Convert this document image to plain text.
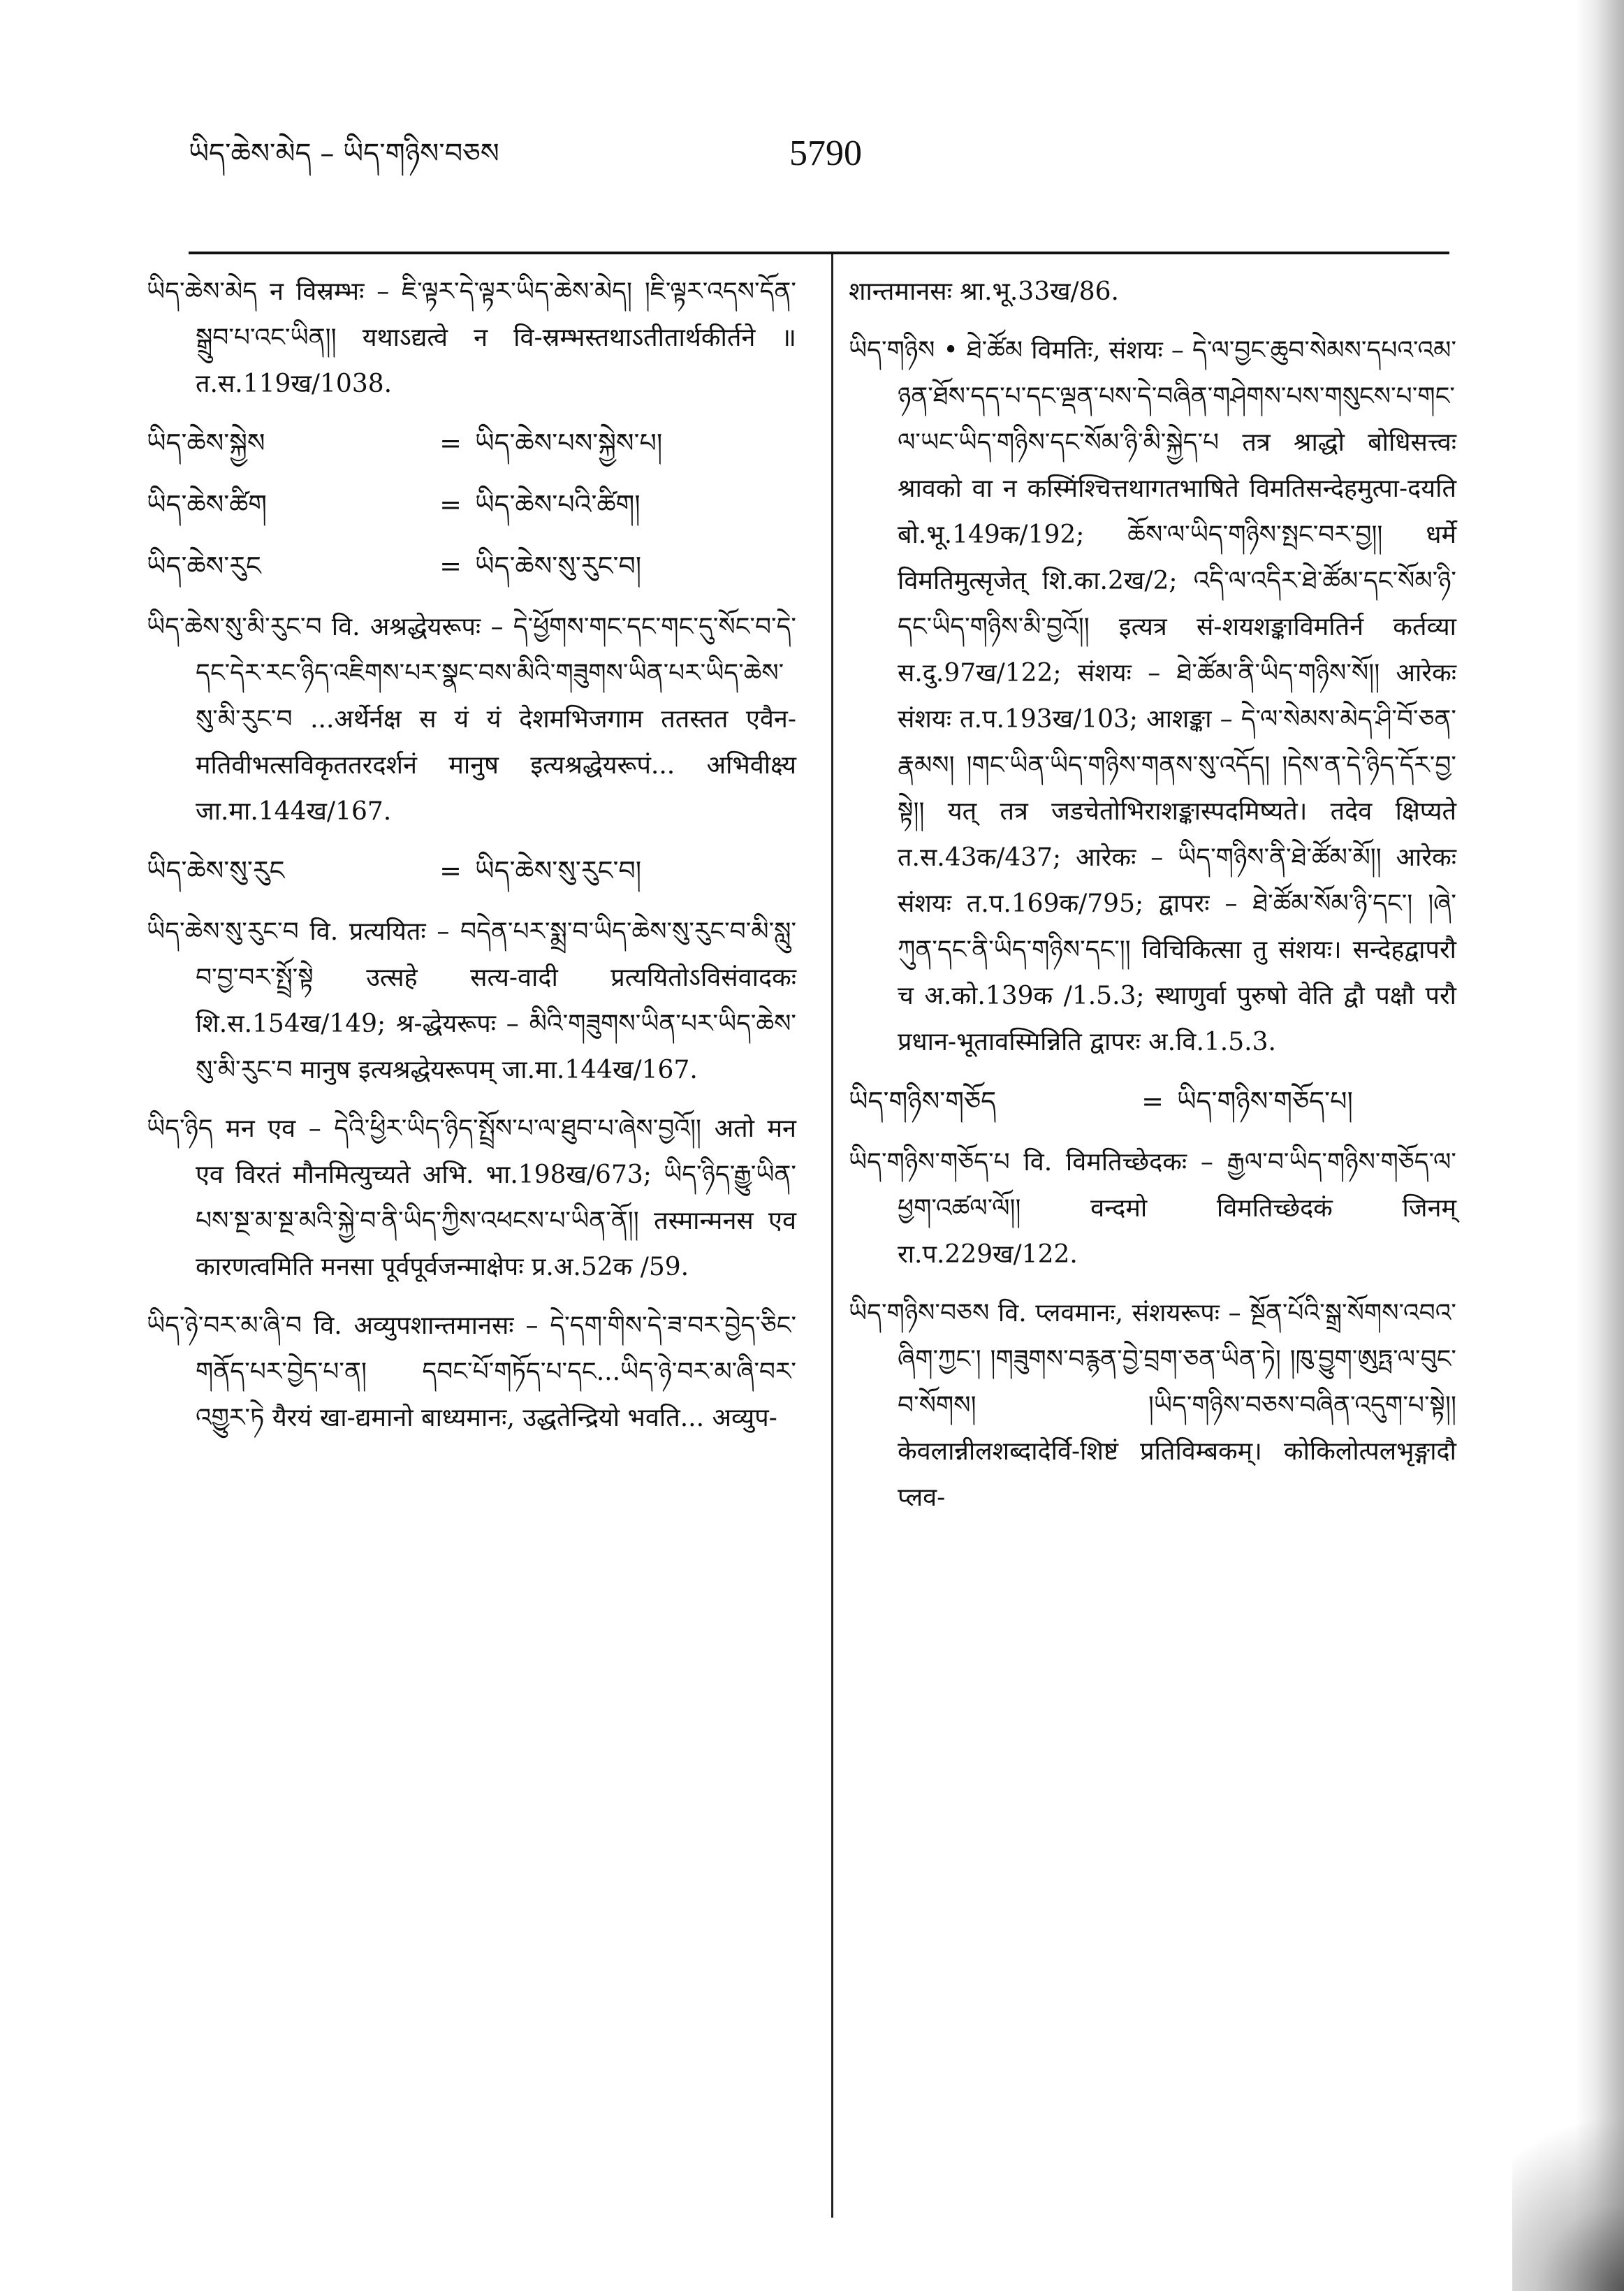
ཡིད་ཆེས་མེད – ཡིད་གཉིས་བཅས	5790

ཡིད་ཆེས་མེད न विस्रम्भः – ཇི་ལྟར་དེ་ལྟར་ཡིད་ཆེས་མེད། །ཇི་ལྟར་འདས་དོན་སྒྲུབ་པ་འང་ཡིན།། यथाऽद्यत्वे न वि-स्रम्भस्तथाऽतीतार्थकीर्तने ॥ त.स.119ख/1038.

ཡིད་ཆེས་སྐྱེས	= ཡིད་ཆེས་པས་སྐྱེས་པ།
ཡིད་ཆེས་ཚིག	= ཡིད་ཆེས་པའི་ཚིག།
ཡིད་ཆེས་རུང	= ཡིད་ཆེས་སུ་རུང་བ།

ཡིད་ཆེས་སུ་མི་རུང་བ वि. अश्रद्धेयरूपः – དེ་ཕྱོགས་གང་དང་གང་དུ་སོང་བ་དེ་དང་དེར་རང་ཉིད་འཇིགས་པར་སྣང་བས་མིའི་གཟུགས་ཡིན་པར་ཡིད་ཆེས་སུ་མི་རུང་བ ...अर्थेर्नक्ष स यं यं देशमभिजगाम ततस्तत एवैन-मतिवीभत्सविकृततरदर्शनं मानुष इत्यश्रद्धेयरूपं... अभिवीक्ष्य जा.मा.144ख/167.

ཡིད་ཆེས་སུ་རུང	= ཡིད་ཆེས་སུ་རུང་བ།

ཡིད་ཆེས་སུ་རུང་བ वि. प्रत्ययितः – བདེན་པར་སྨྲ་བ་ཡིད་ཆེས་སུ་རུང་བ་མི་སླུ་བ་བྱ་བར་སྤྲོ་སྟེ उत्सहे सत्य-वादी प्रत्ययितोऽविसंवादकः शि.स.154ख/149; श्र-द्धेयरूपः – མིའི་གཟུགས་ཡིན་པར་ཡིད་ཆེས་སུ་མི་རུང་བ मानुष इत्यश्रद्धेयरूपम् जा.मा.144ख/167.

ཡིད་ཉིད मन एव – དེའི་ཕྱིར་ཡིད་ཉིད་སྤྲོས་པ་ལ་ཐུབ་པ་ཞེས་བྱའོ།། अतो मन एव विरतं मौनमित्युच्यते अभि. भा.198ख/673; ཡིད་ཉིད་རྒྱུ་ཡིན་པས་སྔ་མ་སྔ་མའི་སྐྱེ་བ་ནི་ཡིད་ཀྱིས་འཕངས་པ་ཡིན་ནོ།། तस्मान्मनस एव कारणत्वमिति मनसा पूर्वपूर्वजन्माक्षेपः प्र.अ.52क /59.

ཡིད་ཉེ་བར་མ་ཞི་བ वि. अव्युपशान्तमानसः – དེ་དག་གིས་དེ་ཟ་བར་བྱེད་ཅིང་གནོད་པར་བྱེད་པ་ན། དབང་པོ་གཏོད་པ་དང...ཡིད་ཉེ་བར་མ་ཞི་བར་འགྱུར་ཏེ यैरयं खा-द्यमानो बाध्यमानः, उद्धतेन्द्रियो भवति... अव्युप-

शान्तमानसः श्रा.भू.33ख/86.

ཡིད་གཉིས • ཐེ་ཚོམ विमतिः, संशयः – དེ་ལ་བྱང་ཆུབ་སེམས་དཔའ་འམ་ཉན་ཐོས་དད་པ་དང་ལྡན་པས་དེ་བཞིན་གཤེགས་པས་གསུངས་པ་གང་ལ་ཡང་ཡིད་གཉིས་དང་སོམ་ཉི་མི་སྐྱེད་པ तत्र श्राद्धो बोधिसत्त्वः श्रावको वा न कस्मिंश्चित्तथागतभाषिते विमतिसन्देहमुत्पा-दयति बो.भू.149क/192; ཆོས་ལ་ཡིད་གཉིས་སྤང་བར་བྱ།། धर्मे विमतिमुत्सृजेत् शि.का.2ख/2; འདི་ལ་འདིར་ཐེ་ཚོམ་དང་སོམ་ཉི་དང་ཡིད་གཉིས་མི་བྱའོ།། इत्यत्र सं-शयशङ्काविमतिर्न कर्तव्या स.दु.97ख/122; संशयः – ཐེ་ཚོམ་ནི་ཡིད་གཉིས་སོ།། आरेकः संशयः त.प.193ख/103; आशङ्का – དེ་ལ་སེམས་མེད་ཤི་བོ་ཅན་རྣམས། །གང་ཡིན་ཡིད་གཉིས་གནས་སུ་འདོད། །དེས་ན་དེ་ཉིད་དོར་བྱ་སྟེ།། यत् तत्र जडचेतोभिराशङ्कास्पदमिष्यते। तदेव क्षिप्यते त.स.43क/437; आरेकः – ཡིད་གཉིས་ནི་ཐེ་ཚོམ་མོ།། आरेकः संशयः त.प.169क/795; द्वापरः – ཐེ་ཚོམ་སོམ་ཉི་དང་། །ཞེ་ཀུན་དང་ནི་ཡིད་གཉིས་དང་།། विचिकित्सा तु संशयः। सन्देहद्वापरौ च अ.को.139क /1.5.3; स्थाणुर्वा पुरुषो वेति द्वौ पक्षौ परौ प्रधान-भूतावस्मिन्निति द्वापरः अ.वि.1.5.3.

ཡིད་གཉིས་གཅོད	= ཡིད་གཉིས་གཅོད་པ།

ཡིད་གཉིས་གཅོད་པ वि. विमतिच्छेदकः – རྒྱལ་བ་ཡིད་གཉིས་གཅོད་ལ་ཕྱག་འཚལ་ལོ།། वन्दमो विमतिच्छेदकं जिनम् रा.प.229ख/122.

ཡིད་གཉིས་བཅས वि. प्लवमानः, संशयरूपः – སྔོན་པོའི་སྒྲ་སོགས་འབའ་ཞིག་ཀྱང་། །གཟུགས་བརྙན་བྱེ་བྲག་ཅན་ཡིན་ཏེ། །ཁུ་བྱུག་ཨུཏྤ་ལ་བུང་བ་སོགས། །ཡིད་གཉིས་བཅས་བཞིན་འདུག་པ་སྟེ།། केवलान्नीलशब्दादेर्वि-शिष्टं प्रतिविम्बकम्। कोकिलोत्पलभृङ्गादौ प्लव-
